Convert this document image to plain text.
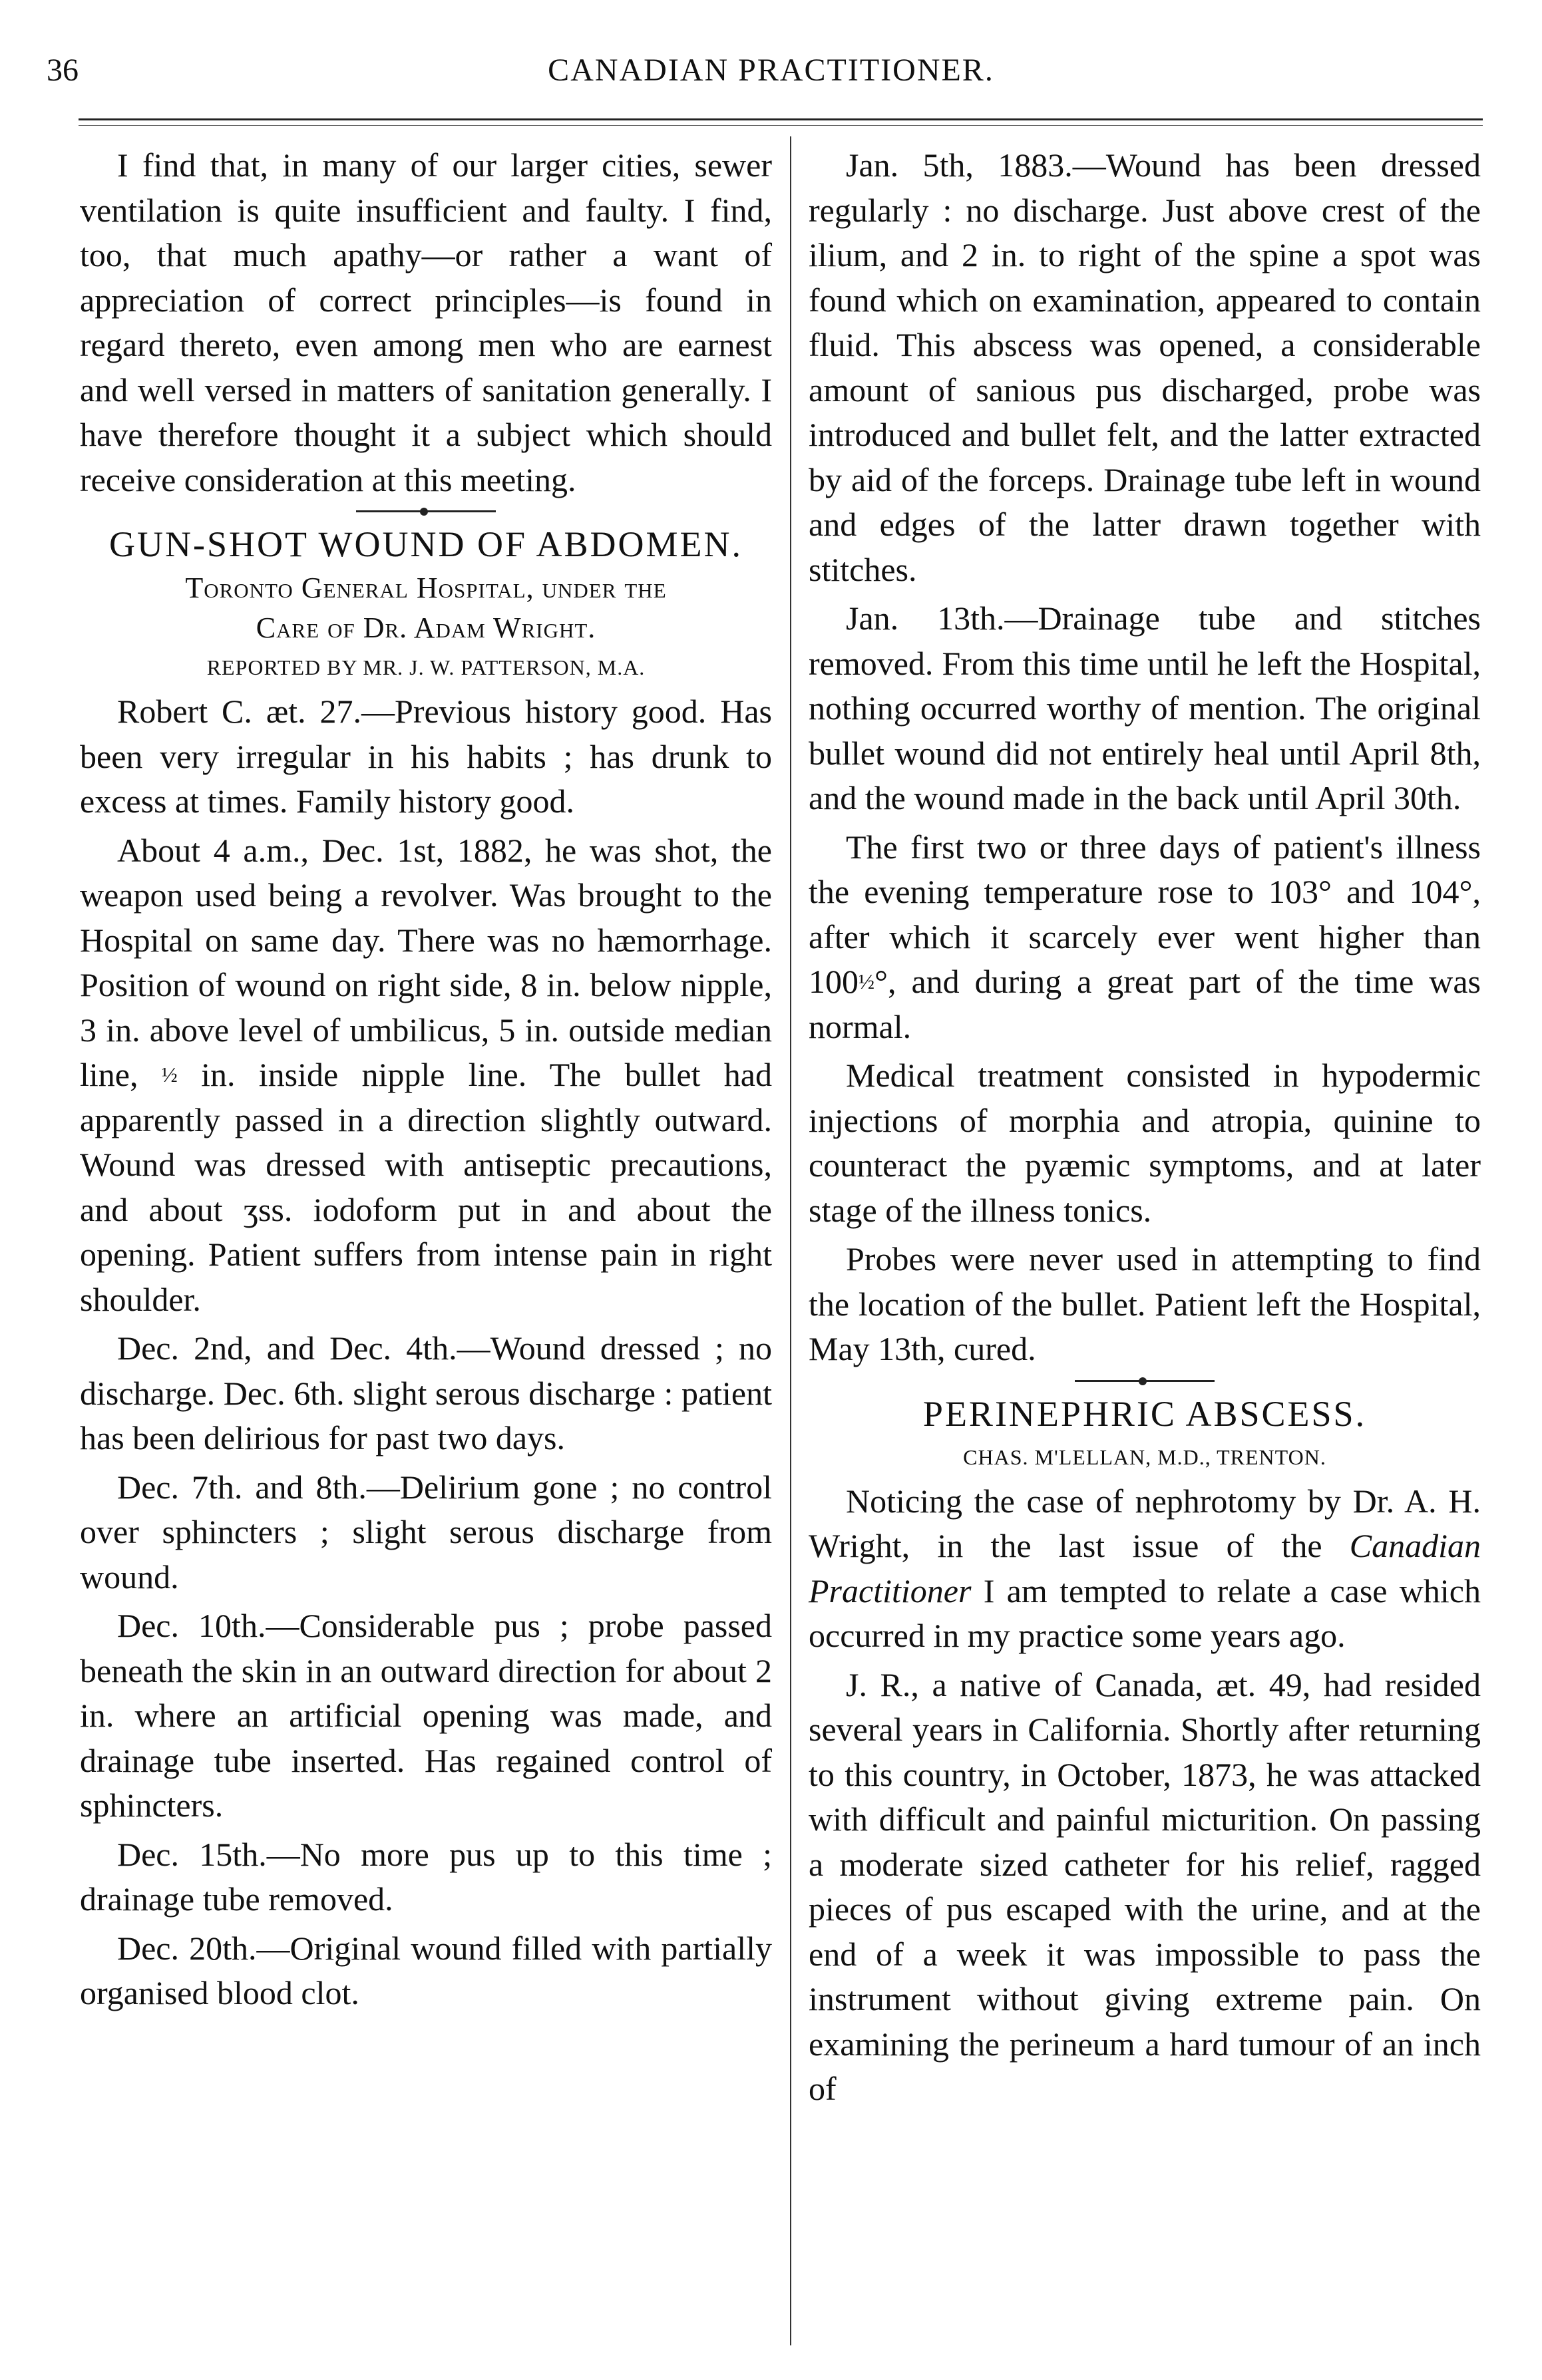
36	CANADIAN PRACTITIONER.

I find that, in many of our larger cities, sewer ventilation is quite insufficient and faulty. I find, too, that much apathy—or rather a want of appreciation of correct principles—is found in regard thereto, even among men who are earnest and well versed in matters of sanitation generally. I have therefore thought it a subject which should receive consideration at this meeting.

GUN-SHOT WOUND OF ABDOMEN.
Toronto General Hospital, under the
Care of Dr. Adam Wright.
REPORTED BY MR. J. W. PATTERSON, M.A.

Robert C. æt. 27.—Previous history good. Has been very irregular in his habits ; has drunk to excess at times. Family history good.

About 4 a.m., Dec. 1st, 1882, he was shot, the weapon used being a revolver. Was brought to the Hospital on same day. There was no hæmorrhage. Position of wound on right side, 8 in. below nipple, 3 in. above level of umbilicus, 5 in. outside median line, ½ in. inside nipple line. The bullet had apparently passed in a direction slightly outward. Wound was dressed with antiseptic precautions, and about ʒss. iodoform put in and about the opening. Patient suffers from intense pain in right shoulder.

Dec. 2nd, and Dec. 4th.—Wound dressed ; no discharge. Dec. 6th. slight serous discharge : patient has been delirious for past two days.

Dec. 7th. and 8th.—Delirium gone ; no control over sphincters ; slight serous discharge from wound.

Dec. 10th.—Considerable pus ; probe passed beneath the skin in an outward direction for about 2 in. where an artificial opening was made, and drainage tube inserted. Has regained control of sphincters.

Dec. 15th.—No more pus up to this time ; drainage tube removed.

Dec. 20th.—Original wound filled with partially organised blood clot.

Jan. 5th, 1883.—Wound has been dressed regularly : no discharge. Just above crest of the ilium, and 2 in. to right of the spine a spot was found which on examination, appeared to contain fluid. This abscess was opened, a considerable amount of sanious pus discharged, probe was introduced and bullet felt, and the latter extracted by aid of the forceps. Drainage tube left in wound and edges of the latter drawn together with stitches.

Jan. 13th.—Drainage tube and stitches removed. From this time until he left the Hospital, nothing occurred worthy of mention. The original bullet wound did not entirely heal until April 8th, and the wound made in the back until April 30th.

The first two or three days of patient's illness the evening temperature rose to 103° and 104°, after which it scarcely ever went higher than 100½°, and during a great part of the time was normal.

Medical treatment consisted in hypodermic injections of morphia and atropia, quinine to counteract the pyæmic symptoms, and at later stage of the illness tonics.

Probes were never used in attempting to find the location of the bullet. Patient left the Hospital, May 13th, cured.

PERINEPHRIC ABSCESS.
CHAS. M'LELLAN, M.D., TRENTON.

Noticing the case of nephrotomy by Dr. A. H. Wright, in the last issue of the Canadian Practitioner I am tempted to relate a case which occurred in my practice some years ago.

J. R., a native of Canada, æt. 49, had resided several years in California. Shortly after returning to this country, in October, 1873, he was attacked with difficult and painful micturition. On passing a moderate sized catheter for his relief, ragged pieces of pus escaped with the urine, and at the end of a week it was impossible to pass the instrument without giving extreme pain. On examining the perineum a hard tumour of an inch of
